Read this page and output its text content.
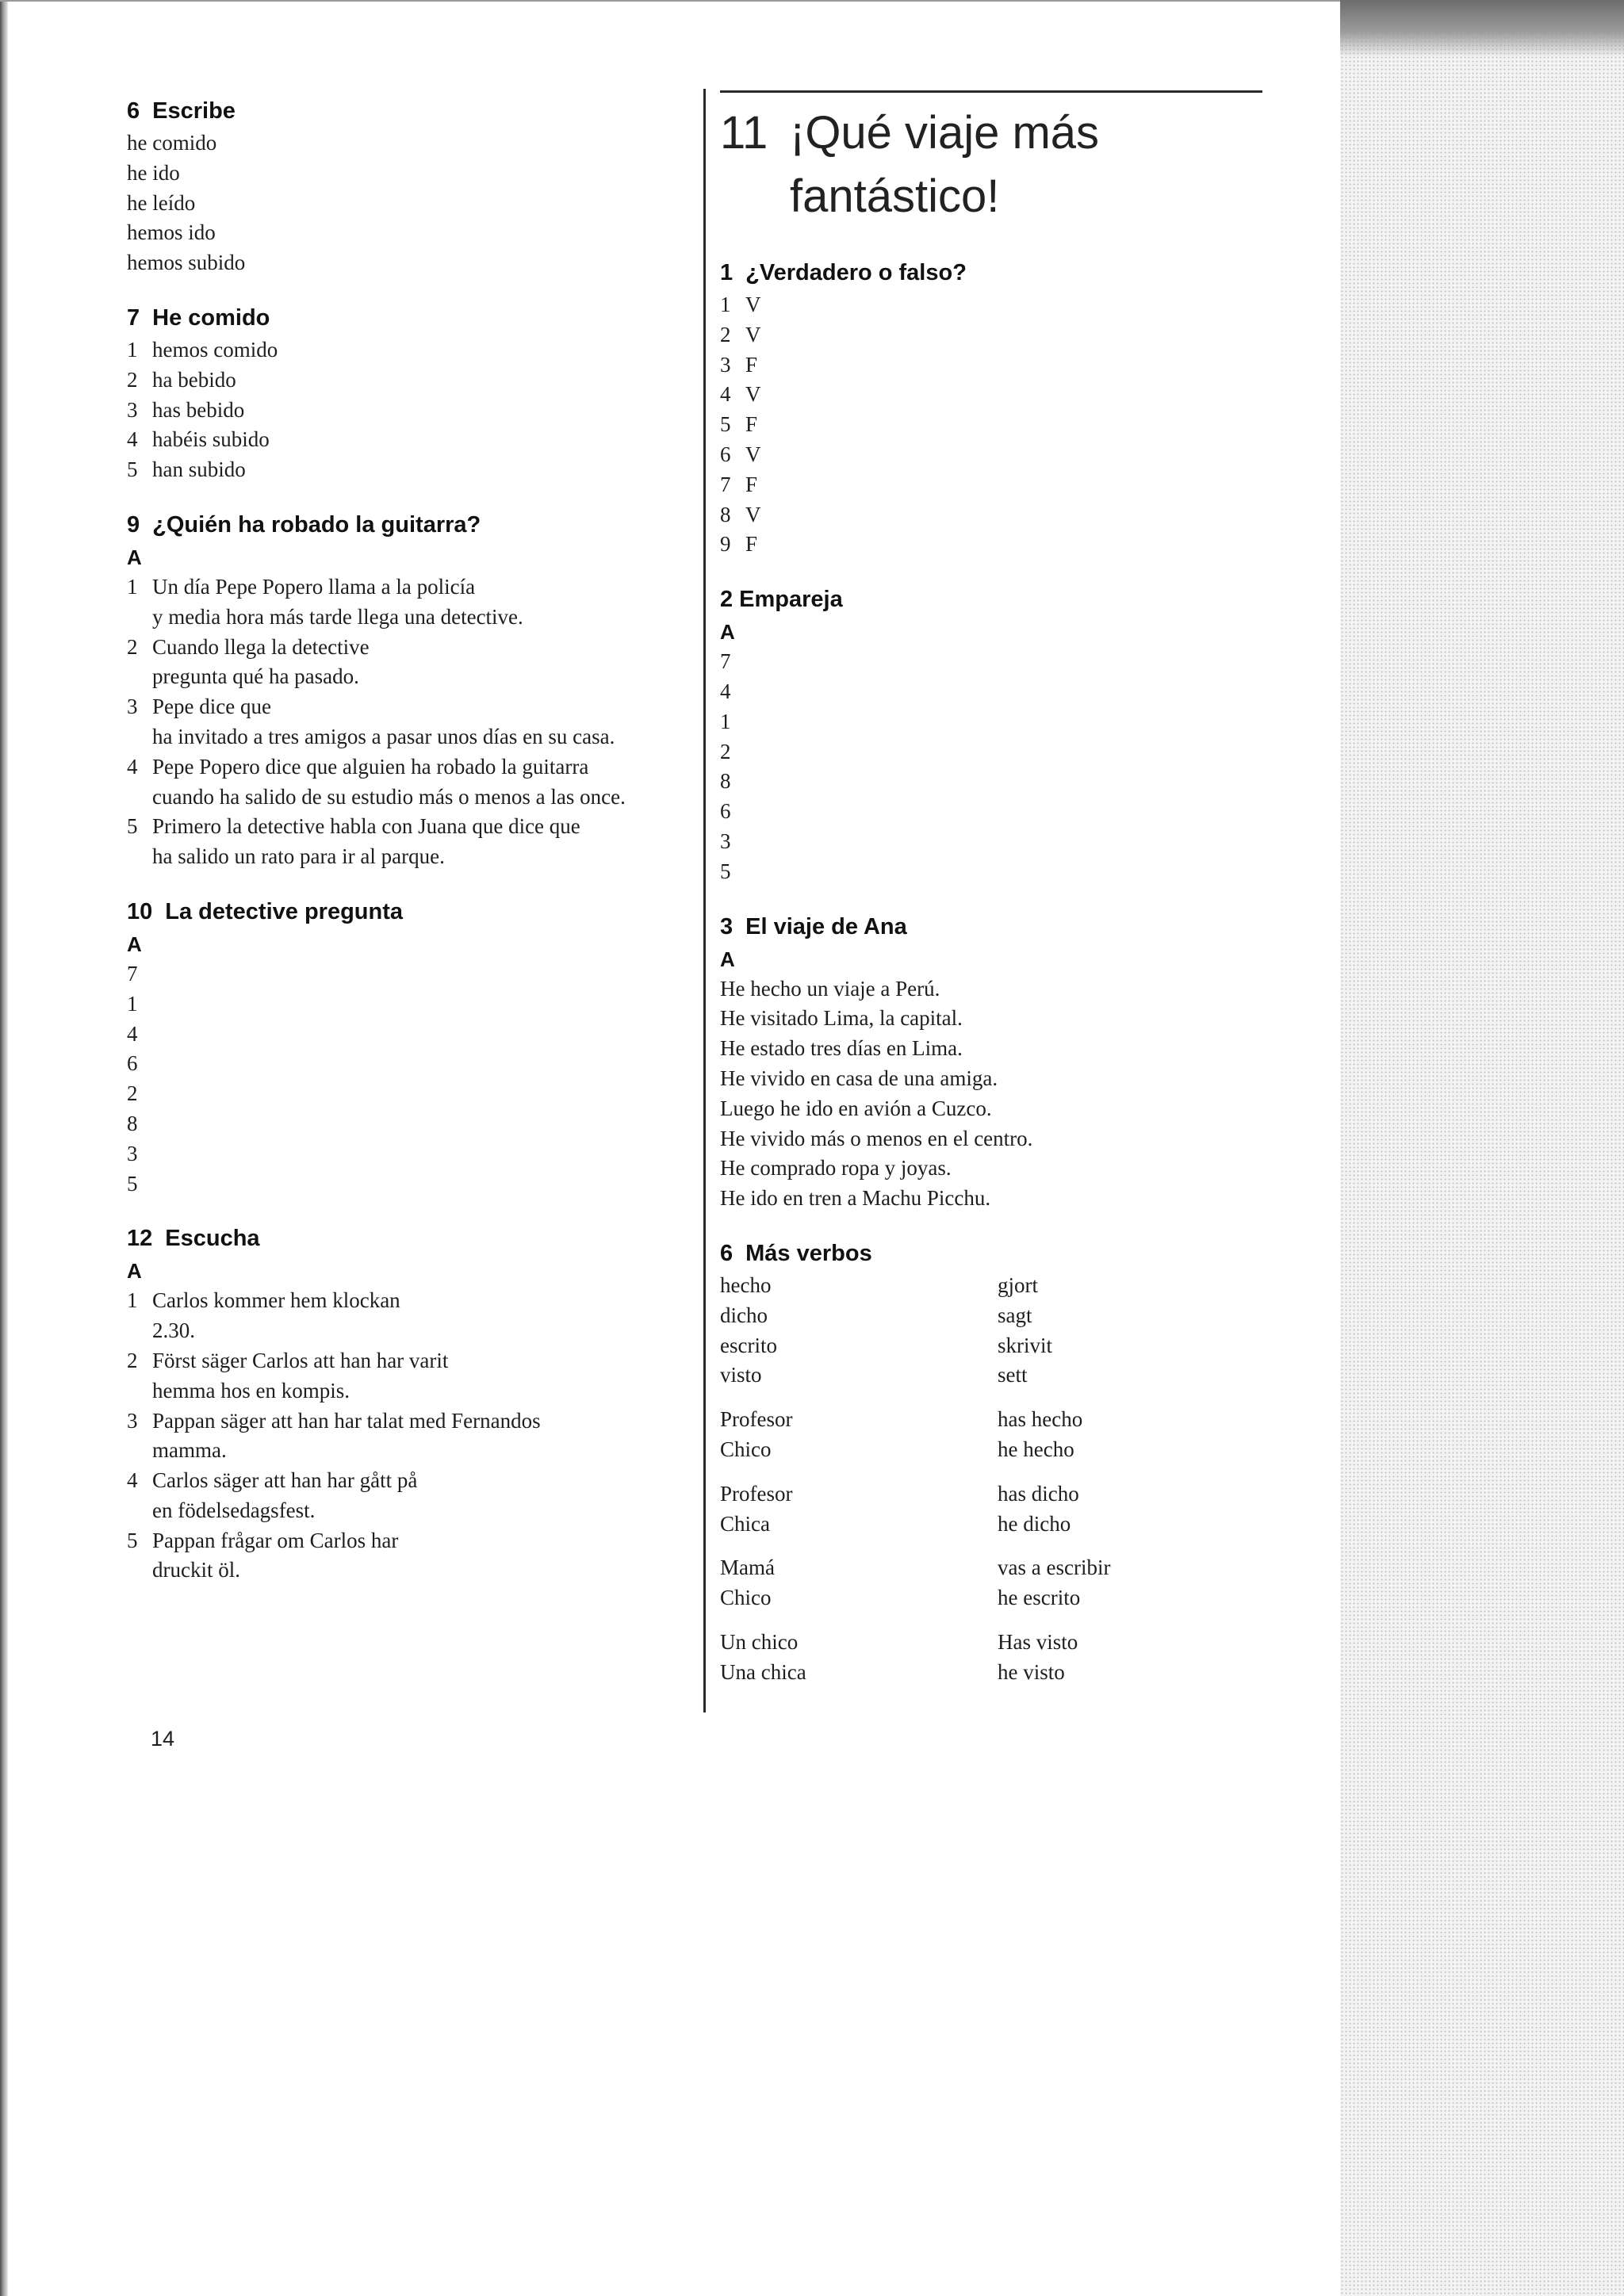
6 Escribe
he comido
he ido
he leído
hemos ido
hemos subido
7 He comido
1 hemos comido
2 ha bebido
3 has bebido
4 habéis subido
5 han subido
9 ¿Quién ha robado la guitarra?
A
1 Un día Pepe Popero llama a la policía
y media hora más tarde llega una detective.
2 Cuando llega la detective
pregunta qué ha pasado.
3 Pepe dice que
ha invitado a tres amigos a pasar unos días en su casa.
4 Pepe Popero dice que alguien ha robado la guitarra
cuando ha salido de su estudio más o menos a las once.
5 Primero la detective habla con Juana que dice que
ha salido un rato para ir al parque.
10 La detective pregunta
A
7
1
4
6
2
8
3
5
12 Escucha
A
1 Carlos kommer hem klockan
2.30.
2 Först säger Carlos att han har varit
hemma hos en kompis.
3 Pappan säger att han har talat med Fernandos
mamma.
4 Carlos säger att han har gått på
en födelsedagsfest.
5 Pappan frågar om Carlos har
druckit öl.
11 ¡Qué viaje más
fantástico!
1 ¿Verdadero o falso?
1 V
2 V
3 F
4 V
5 F
6 V
7 F
8 V
9 F
2 Empareja
A
7
4
1
2
8
6
3
5
3 El viaje de Ana
A
He hecho un viaje a Perú.
He visitado Lima, la capital.
He estado tres días en Lima.
He vivido en casa de una amiga.
Luego he ido en avión a Cuzco.
He vivido más o menos en el centro.
He comprado ropa y joyas.
He ido en tren a Machu Picchu.
6 Más verbos
hecho	gjort
dicho	sagt
escrito	skrivit
visto	sett
Profesor	has hecho
Chico	he hecho
Profesor	has dicho
Chica	he dicho
Mamá	vas a escribir
Chico	he escrito
Un chico	Has visto
Una chica	he visto
14
